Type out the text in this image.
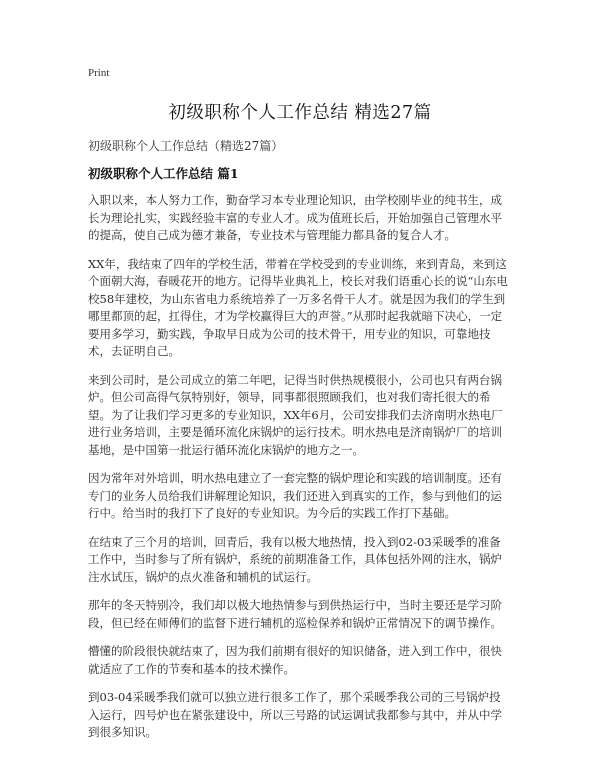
Print
初级职称个人工作总结 精选27篇
初级职称个人工作总结（精选27篇）
初级职称个人工作总结 篇1

入职以来，本人努力工作，勤奋学习本专业理论知识，由学校刚毕业的纯书生，成长为理论扎实，实践经验丰富的专业人才。成为值班长后，开始加强自己管理水平的提高，使自己成为德才兼备，专业技术与管理能力都具备的复合人才。

XX年，我结束了四年的学校生活，带着在学校受到的专业训练，来到青岛，来到这个面朝大海，春暖花开的地方。记得毕业典礼上，校长对我们语重心长的说“山东电校58年建校，为山东省电力系统培养了一万多名骨干人才。就是因为我们的学生到哪里都顶的起，扛得住，才为学校赢得巨大的声誉。”从那时起我就暗下决心，一定要用多学习，勤实践，争取早日成为公司的技术骨干，用专业的知识，可靠地技术，去证明自己。

来到公司时，是公司成立的第二年吧，记得当时供热规模很小，公司也只有两台锅炉。但公司高得气氛特别好，领导，同事都很照顾我们，也对我们寄托很大的希望。为了让我们学习更多的专业知识，XX年6月，公司安排我们去济南明水热电厂进行业务培训，主要是循环流化床锅炉的运行技术。明水热电是济南锅炉厂的培训基地，是中国第一批运行循环流化床锅炉的地方之一。

因为常年对外培训，明水热电建立了一套完整的锅炉理论和实践的培训制度。还有专门的业务人员给我们讲解理论知识，我们还进入到真实的工作，参与到他们的运行中。给当时的我打下了良好的专业知识。为今后的实践工作打下基础。

在结束了三个月的培训，回青后，我有以极大地热情，投入到02-03采暖季的准备工作中，当时参与了所有锅炉，系统的前期准备工作，具体包括外网的注水，锅炉注水试压，锅炉的点火准备和辅机的试运行。

那年的冬天特别冷，我们却以极大地热情参与到供热运行中，当时主要还是学习阶段，但已经在师傅们的监督下进行辅机的巡检保养和锅炉正常情况下的调节操作。

懵懂的阶段很快就结束了，因为我们前期有很好的知识储备，进入到工作中，很快就适应了工作的节奏和基本的技术操作。

到03-04采暖季我们就可以独立进行很多工作了，那个采暖季我公司的三号锅炉投入运行，四号炉也在紧张建设中，所以三号路的试运调试我都参与其中，并从中学到很多知识。
